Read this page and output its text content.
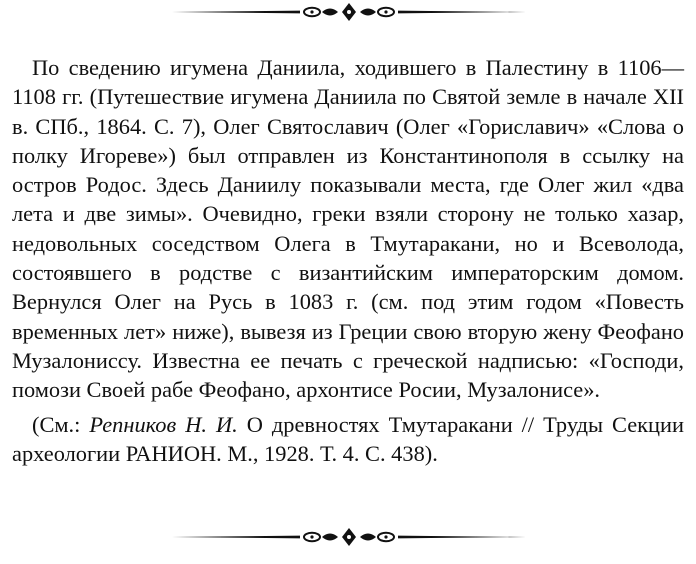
По сведению игумена Даниила, ходившего в Палестину в 1106—1108 гг. (Путешествие игумена Даниила по Святой земле в начале XII в. СПб., 1864. С. 7), Олег Святославич (Олег «Гориславич» «Слова о полку Игореве») был отправлен из Константинополя в ссылку на остров Родос. Здесь Даниилу показывали места, где Олег жил «два лета и две зимы». Очевидно, греки взяли сторону не только хазар, недовольных соседством Олега в Тмутаракани, но и Всеволода, состоявшего в родстве с византийским императорским домом. Вернулся Олег на Русь в 1083 г. (см. под этим годом «Повесть временных лет» ниже), вывезя из Греции свою вторую жену Феофано Музалониссу. Известна ее печать с греческой надписью: «Господи, помози Своей рабе Феофано, архонтисе Росии, Музалонисе».

(См.: Репников Н. И. О древностях Тмутаракани // Труды Секции археологии РАНИОН. М., 1928. Т. 4. С. 438).
